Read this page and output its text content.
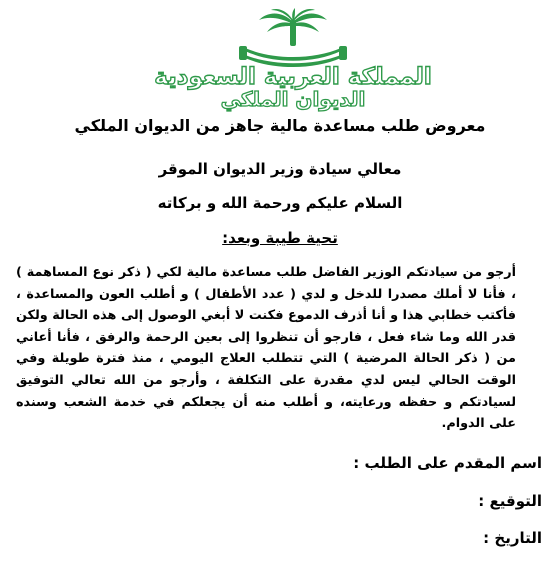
المملكة العربية السعودية
الديوان الملكي
معروض طلب مساعدة مالية جاهز من الديوان الملكي
معالي سيادة وزير الديوان الموقر
السلام عليكم ورحمة الله و بركاته
تحية طيبة وبعد:
أرجو من سيادتكم الوزير الفاضل طلب مساعدة مالية لكي ( ذكر نوع المساهمة ) ، فأنا لا أملك مصدرا للدخل و لدي ( عدد الأطفال ) و أطلب العون والمساعدة ، فأكتب خطابي هذا و أنا أذرف الدموع فكنت لا أبغي الوصول إلى هذه الحالة ولكن قدر الله وما شاء فعل ، فارجو أن تنظروا إلى بعين الرحمة والرفق ، فأنا أعاني من ( ذكر الحالة المرضية ) التي تتطلب العلاج اليومي ، منذ فترة طويلة وفي الوقت الحالي ليس لدي مقدرة على التكلفة ، وأرجو من الله تعالي التوفيق لسيادتكم و حفظه ورعايته، و أطلب منه أن يجعلكم في خدمة الشعب وسنده على الدوام.
اسم المقدم على الطلب :
التوقيع :
التاريخ :
